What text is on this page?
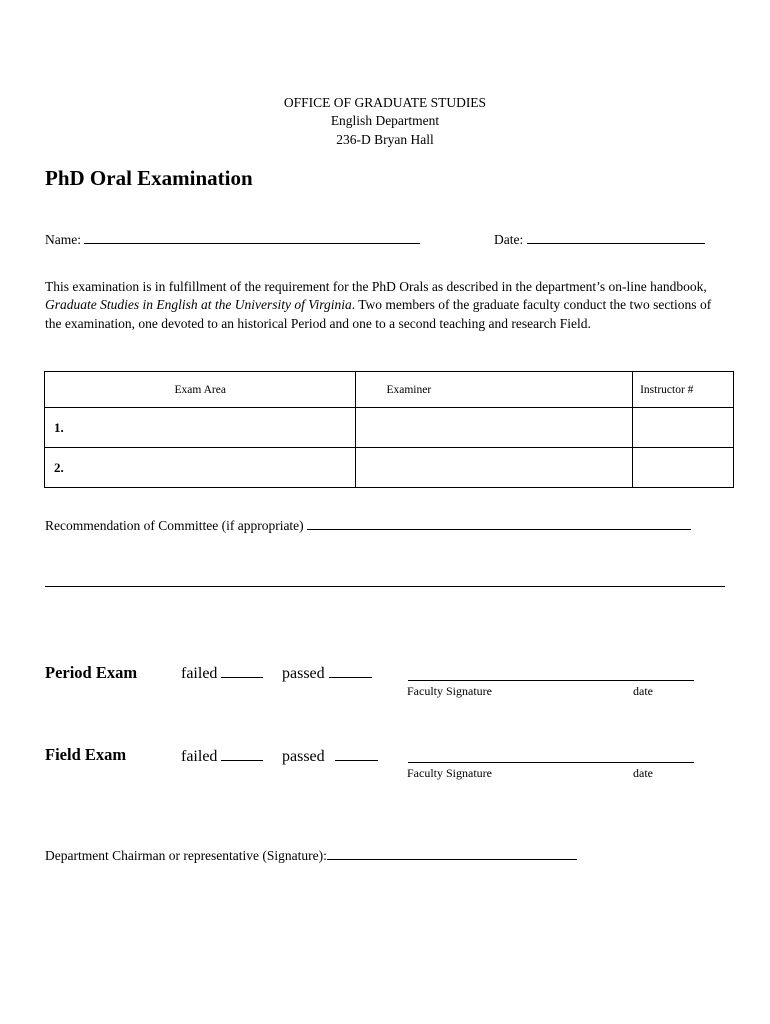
OFFICE OF GRADUATE STUDIES
English Department
236-D Bryan Hall
PhD Oral Examination
Name:	Date:
This examination is in fulfillment of the requirement for the PhD Orals as described in the department’s on-line handbook, Graduate Studies in English at the University of Virginia. Two members of the graduate faculty conduct the two sections of the examination, one devoted to an historical Period and one to a second teaching and research Field.
Exam Area	Examiner	Instructor #
1.		
2.		
Recommendation of Committee (if appropriate)
Period Exam	failed	passed
Faculty Signature	date
Field Exam	failed	passed
Faculty Signature	date
Department Chairman or representative (Signature):
